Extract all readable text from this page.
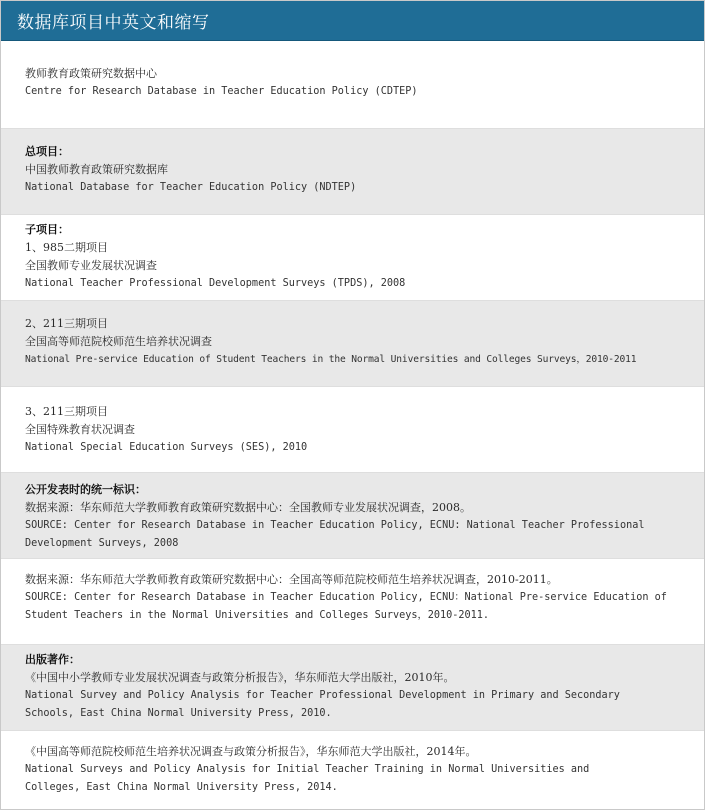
数据库项目中英文和缩写
教师教育政策研究数据中心
Centre for Research Database in Teacher Education Policy (CDTEP)
总项目：
中国教师教育政策研究数据库
National Database for Teacher Education Policy (NDTEP)
子项目：
1、985二期项目
全国教师专业发展状况调查
National Teacher Professional Development Surveys (TPDS), 2008
2、211三期项目
全国高等师范院校师范生培养状况调查
National Pre-service Education of Student Teachers in the Normal Universities and Colleges Surveys，2010-2011
3、211三期项目
全国特殊教育状况调查
National Special Education Surveys (SES), 2010
公开发表时的统一标识：
数据来源：华东师范大学教师教育政策研究数据中心：全国教师专业发展状况调查，2008。
SOURCE: Center for Research Database in Teacher Education Policy, ECNU: National Teacher Professional
Development Surveys, 2008
数据来源：华东师范大学教师教育政策研究数据中心：全国高等师范院校师范生培养状况调查，2010-2011。
SOURCE: Center for Research Database in Teacher Education Policy, ECNU：National Pre-service Education of
Student Teachers in the Normal Universities and Colleges Surveys，2010-2011.
出版著作：
《中国中小学教师专业发展状况调查与政策分析报告》，华东师范大学出版社，2010年。
National Survey and Policy Analysis for Teacher Professional Development in Primary and Secondary
Schools, East China Normal University Press, 2010.
《中国高等师范院校师范生培养状况调查与政策分析报告》，华东师范大学出版社，2014年。
National Surveys and Policy Analysis for Initial Teacher Training in Normal Universities and
Colleges, East China Normal University Press, 2014.
